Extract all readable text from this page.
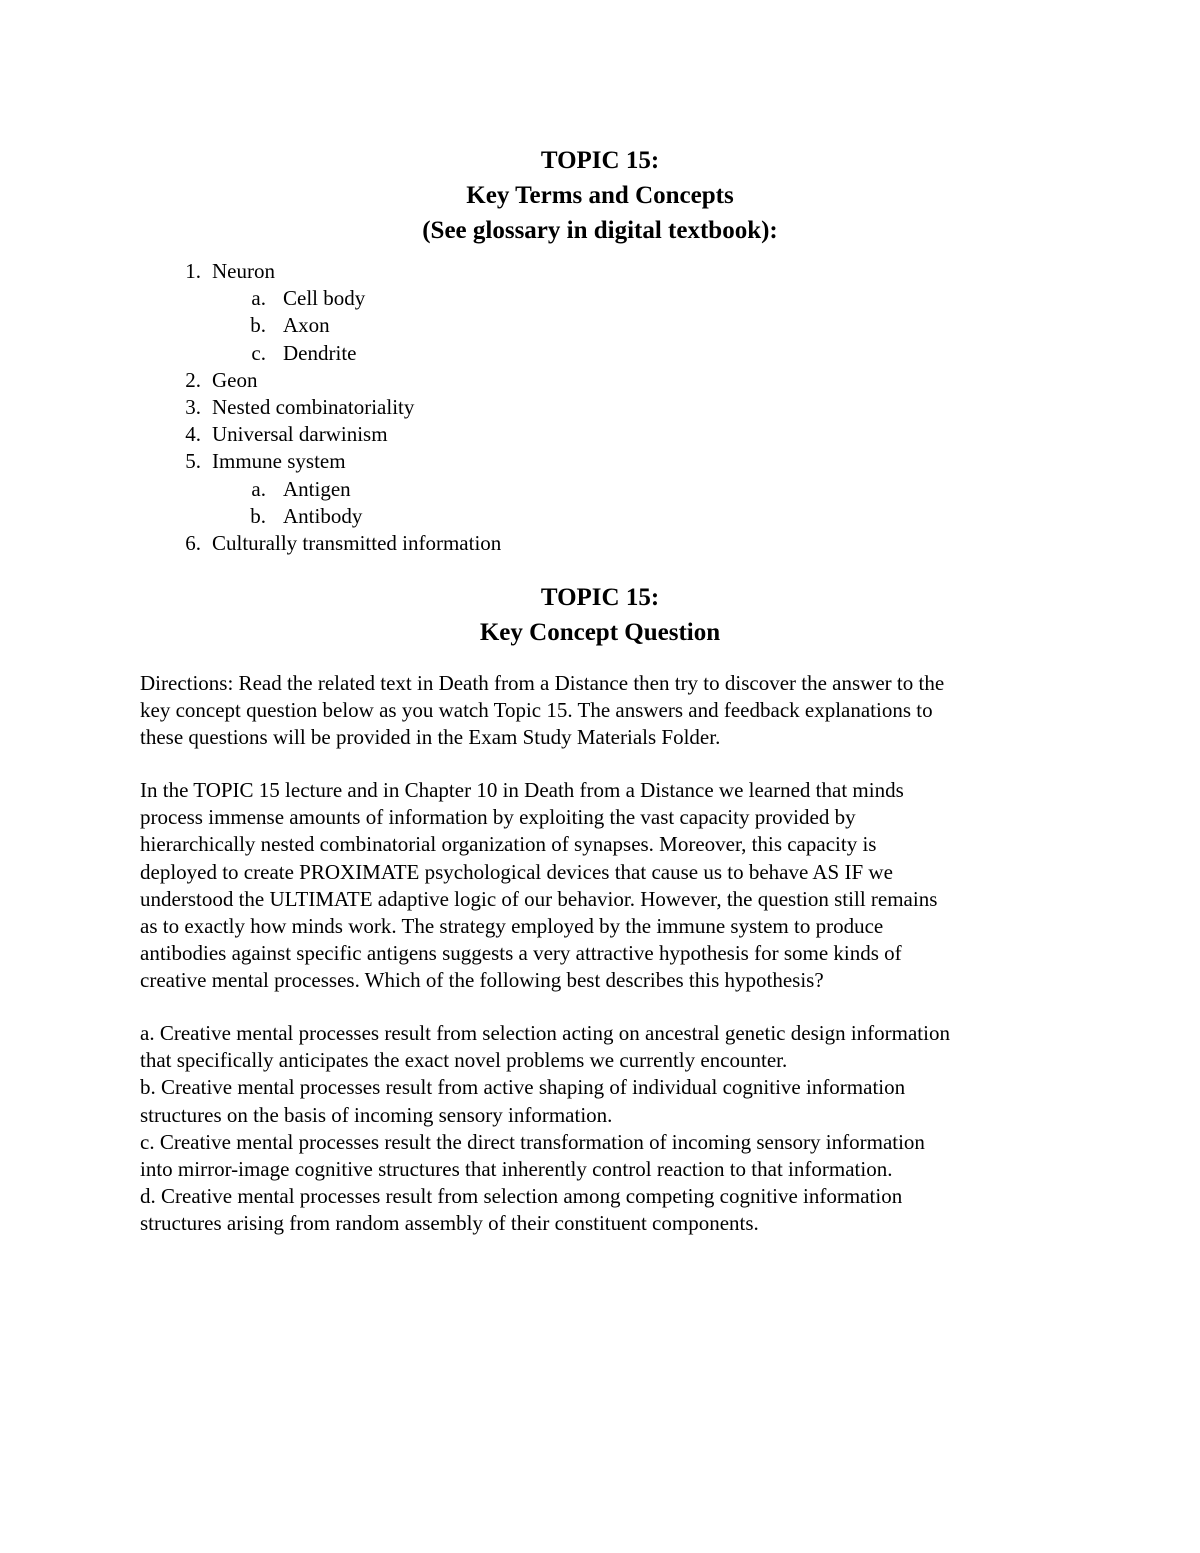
TOPIC 15:
Key Terms and Concepts
(See glossary in digital textbook):
1. Neuron
a. Cell body
b. Axon
c. Dendrite
2. Geon
3. Nested combinatoriality
4. Universal darwinism
5. Immune system
a. Antigen
b. Antibody
6. Culturally transmitted information
TOPIC 15:
Key Concept Question

Directions: Read the related text in Death from a Distance then try to discover the answer to the
key concept question below as you watch Topic 15. The answers and feedback explanations to
these questions will be provided in the Exam Study Materials Folder.

In the TOPIC 15 lecture and in Chapter 10 in Death from a Distance we learned that minds
process immense amounts of information by exploiting the vast capacity provided by
hierarchically nested combinatorial organization of synapses. Moreover, this capacity is
deployed to create PROXIMATE psychological devices that cause us to behave AS IF we
understood the ULTIMATE adaptive logic of our behavior. However, the question still remains
as to exactly how minds work. The strategy employed by the immune system to produce
antibodies against specific antigens suggests a very attractive hypothesis for some kinds of
creative mental processes. Which of the following best describes this hypothesis?

a. Creative mental processes result from selection acting on ancestral genetic design information
that specifically anticipates the exact novel problems we currently encounter.
b. Creative mental processes result from active shaping of individual cognitive information
structures on the basis of incoming sensory information.
c. Creative mental processes result the direct transformation of incoming sensory information
into mirror-image cognitive structures that inherently control reaction to that information.
d. Creative mental processes result from selection among competing cognitive information
structures arising from random assembly of their constituent components.
